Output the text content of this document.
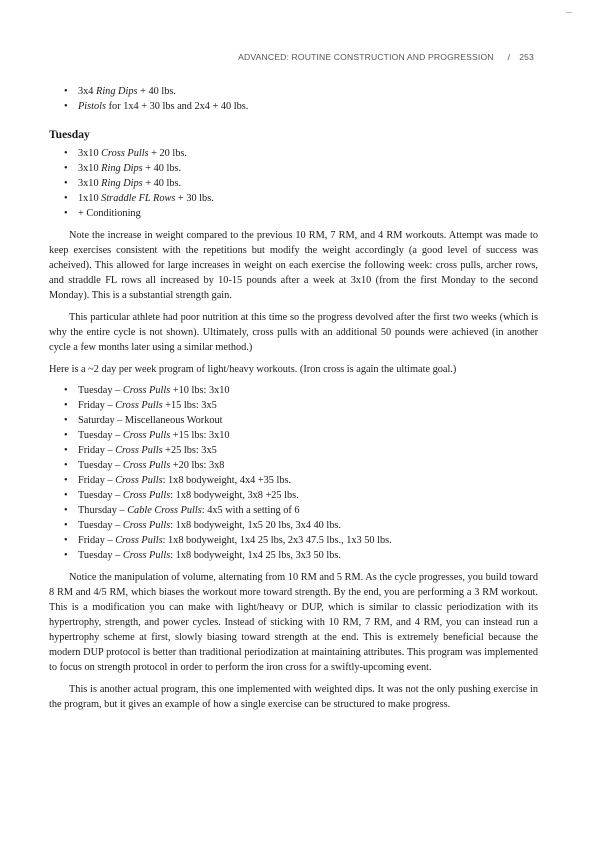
ADVANCED: ROUTINE CONSTRUCTION AND PROGRESSION / 253
• 3x4 Ring Dips + 40 lbs.
• Pistols for 1x4 + 30 lbs and 2x4 + 40 lbs.
Tuesday
• 3x10 Cross Pulls + 20 lbs.
• 3x10 Ring Dips + 40 lbs.
• 3x10 Ring Dips + 40 lbs.
• 1x10 Straddle FL Rows + 30 lbs.
• + Conditioning

Note the increase in weight compared to the previous 10 RM, 7 RM, and 4 RM workouts. Attempt was made to keep exercises consistent with the repetitions but modify the weight accordingly (a good level of success was acheived). This allowed for large increases in weight on each exercise the following week: cross pulls, archer rows, and straddle FL rows all increased by 10-15 pounds after a week at 3x10 (from the first Monday to the second Monday). This is a substantial strength gain.

This particular athlete had poor nutrition at this time so the progress devolved after the first two weeks (which is why the entire cycle is not shown). Ultimately, cross pulls with an additional 50 pounds were achieved (in another cycle a few months later using a similar method.)

Here is a ~2 day per week program of light/heavy workouts. (Iron cross is again the ultimate goal.)

• Tuesday – Cross Pulls +10 lbs: 3x10
• Friday – Cross Pulls +15 lbs: 3x5
• Saturday – Miscellaneous Workout
• Tuesday – Cross Pulls +15 lbs: 3x10
• Friday – Cross Pulls +25 lbs: 3x5
• Tuesday – Cross Pulls +20 lbs: 3x8
• Friday – Cross Pulls: 1x8 bodyweight, 4x4 +35 lbs.
• Tuesday – Cross Pulls: 1x8 bodyweight, 3x8 +25 lbs.
• Thursday – Cable Cross Pulls: 4x5 with a setting of 6
• Tuesday – Cross Pulls: 1x8 bodyweight, 1x5 20 lbs, 3x4 40 lbs.
• Friday – Cross Pulls: 1x8 bodyweight, 1x4 25 lbs, 2x3 47.5 lbs., 1x3 50 lbs.
• Tuesday – Cross Pulls: 1x8 bodyweight, 1x4 25 lbs, 3x3 50 lbs.

Notice the manipulation of volume, alternating from 10 RM and 5 RM. As the cycle progresses, you build toward 8 RM and 4/5 RM, which biases the workout more toward strength. By the end, you are performing a 3 RM workout. This is a modification you can make with light/heavy or DUP, which is similar to classic periodization with its hypertrophy, strength, and power cycles. Instead of sticking with 10 RM, 7 RM, and 4 RM, you can instead run a hypertrophy scheme at first, slowly biasing toward strength at the end. This is extremely beneficial because the modern DUP protocol is better than traditional periodization at maintaining attributes. This program was implemented to focus on strength protocol in order to perform the iron cross for a swiftly-upcoming event.

This is another actual program, this one implemented with weighted dips. It was not the only pushing exercise in the program, but it gives an example of how a single exercise can be structured to make progress.
